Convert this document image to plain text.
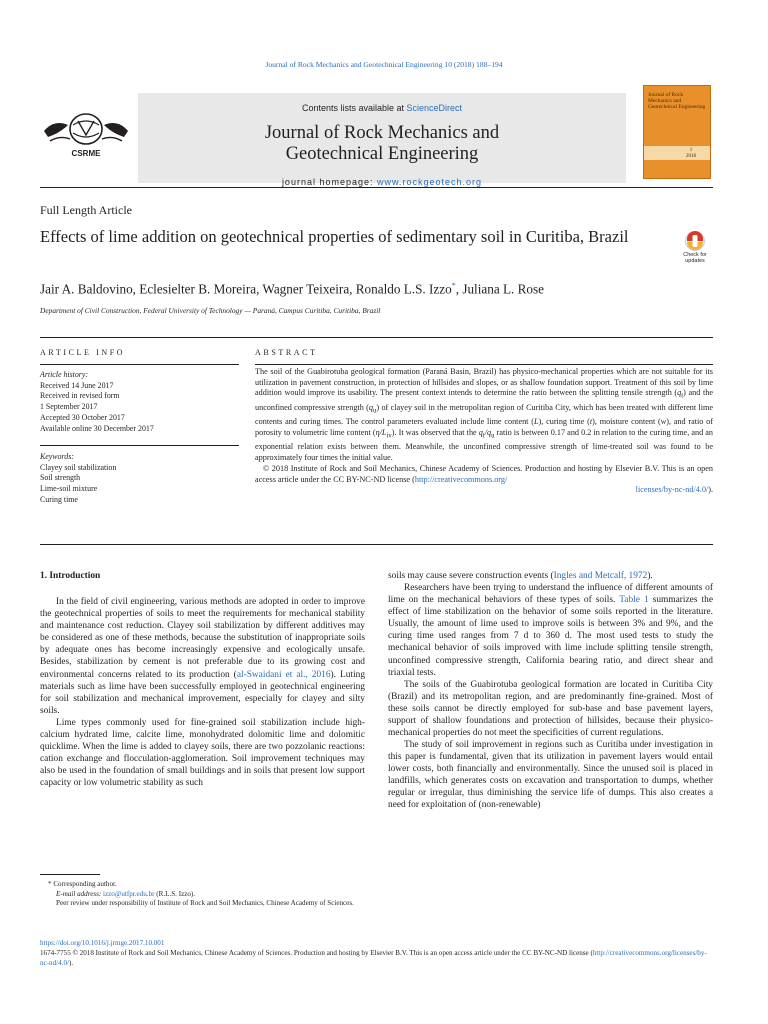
Journal of Rock Mechanics and Geotechnical Engineering 10 (2018) 188–194
CSRME
Contents lists available at ScienceDirect
Journal of Rock Mechanics and
Geotechnical Engineering
journal homepage: www.rockgeotech.org
Journal of Rock Mechanics and Geotechnical Engineering
1
2018
Full Length Article
Effects of lime addition on geotechnical properties of sedimentary soil in Curitiba, Brazil
Check for updates
Jair A. Baldovino, Eclesielter B. Moreira, Wagner Teixeira, Ronaldo L.S. Izzo*, Juliana L. Rose
Department of Civil Construction, Federal University of Technology — Paraná, Campus Curitiba, Curitiba, Brazil
ARTICLE INFO	ABSTRACT
Article history:
Received 14 June 2017
Received in revised form
1 September 2017
Accepted 30 October 2017
Available online 30 December 2017
Keywords:
Clayey soil stabilization
Soil strength
Lime-soil mixture
Curing time

The soil of the Guabirotuba geological formation (Paraná Basin, Brazil) has physico-mechanical properties which are not suitable for its utilization in pavement construction, in protection of hillsides and slopes, or as shallow foundation support. Treatment of this soil by lime addition would improve its usability. The present context intends to determine the ratio between the splitting tensile strength $(q_t)$ and the unconfined compressive strength $(q_u)$ of clayey soil in the metropolitan region of Curitiba City, which has been treated with different lime contents and curing times. The control parameters evaluated include lime content (L), curing time (t), moisture content (w), and ratio of porosity to volumetric lime content $(\eta/L_{iv})$. It was observed that the $q_t/q_u$ ratio is between 0.17 and 0.2 in relation to the curing time, and an exponential relation exists between them. Meanwhile, the unconfined compressive strength of lime-treated soil was found to be approximately four times the initial value.

© 2018 Institute of Rock and Soil Mechanics, Chinese Academy of Sciences. Production and hosting by Elsevier B.V. This is an open access article under the CC BY-NC-ND license (http://creativecommons.org/

licenses/by-nc-nd/4.0/).

1. Introduction

In the field of civil engineering, various methods are adopted in order to improve the geotechnical properties of soils to meet the requirements for mechanical stability and maintenance cost reduction. Clayey soil stabilization by different additives may be considered as one of these methods, because the substitution of inappropriate soils by adequate ones has become increasingly expensive and ecologically unsafe. Besides, stabilization by cement is not preferable due to its growing cost and environmental concerns related to its production (al-Swaidani et al., 2016). Luting materials such as lime have been successfully employed in geotechnical engineering for soil stabilization and mechanical improvement, especially for clayey and silty soils.

Lime types commonly used for fine-grained soil stabilization include high-calcium hydrated lime, calcite lime, monohydrated dolomitic lime and dolomitic quicklime. When the lime is added to clayey soils, there are two pozzolanic reactions: cation exchange and flocculation-agglomeration. Soil improvement techniques may also be used in the foundation of small buildings and in soils that present low support capacity or low volumetric stability as such

soils may cause severe construction events (Ingles and Metcalf, 1972).

Researchers have been trying to understand the influence of different amounts of lime on the mechanical behaviors of these types of soils. Table 1 summarizes the effect of lime stabilization on the behavior of some soils reported in the literature. Usually, the amount of lime used to improve soils is between 3% and 9%, and the curing time used ranges from 7 d to 360 d. The most used tests to study the mechanical behavior of soils improved with lime include splitting tensile strength, unconfined compressive strength, California bearing ratio, and direct shear and triaxial tests.

The soils of the Guabirotuba geological formation are located in Curitiba City (Brazil) and its metropolitan region, and are predominantly fine-grained. Most of these soils cannot be directly employed for sub-base and base pavement layers, support of shallow foundations and protection of hillsides, because their physico-mechanical properties do not meet the specificities of current regulations.

The study of soil improvement in regions such as Curitiba under investigation in this paper is fundamental, given that its utilization in pavement layers would entail lower costs, both financially and environmentally. Since the unused soil is placed in landfills, which generates costs on excavation and transportation to dumps, whether regular or irregular, thus diminishing the service life of dumps. This also creates a need for exploitation of (non-renewable)

* Corresponding author.

E-mail address: izzo@utfpr.edu.br (R.L.S. Izzo).

Peer review under responsibility of Institute of Rock and Soil Mechanics, Chinese Academy of Sciences.

https://doi.org/10.1016/j.jrmge.2017.10.001

1674-7755 © 2018 Institute of Rock and Soil Mechanics, Chinese Academy of Sciences. Production and hosting by Elsevier B.V. This is an open access article under the CC BY-NC-ND license (http://creativecommons.org/licenses/by-nc-nd/4.0/).
